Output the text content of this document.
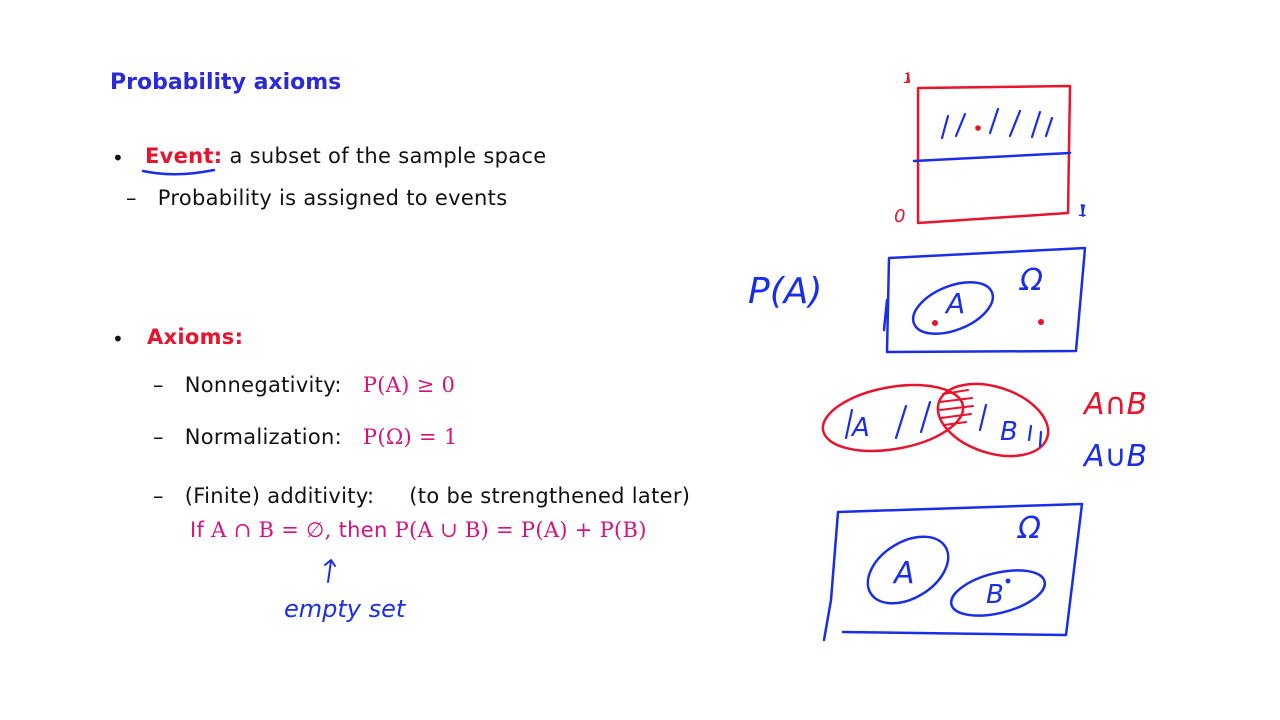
Probability axioms
• Event: a subset of the sample space
– Probability is assigned to events
• Axioms:
– Nonnegativity: P(A) ≥ 0
– Normalization: P(Ω) = 1
– (Finite) additivity: (to be strengthened later)
If A ∩ B = ∅, then P(A ∪ B) = P(A) + P(B)
empty set
P(A)	A
Ω
A	B
A∩B
A∪B
Ω
A
B
1
0	1
